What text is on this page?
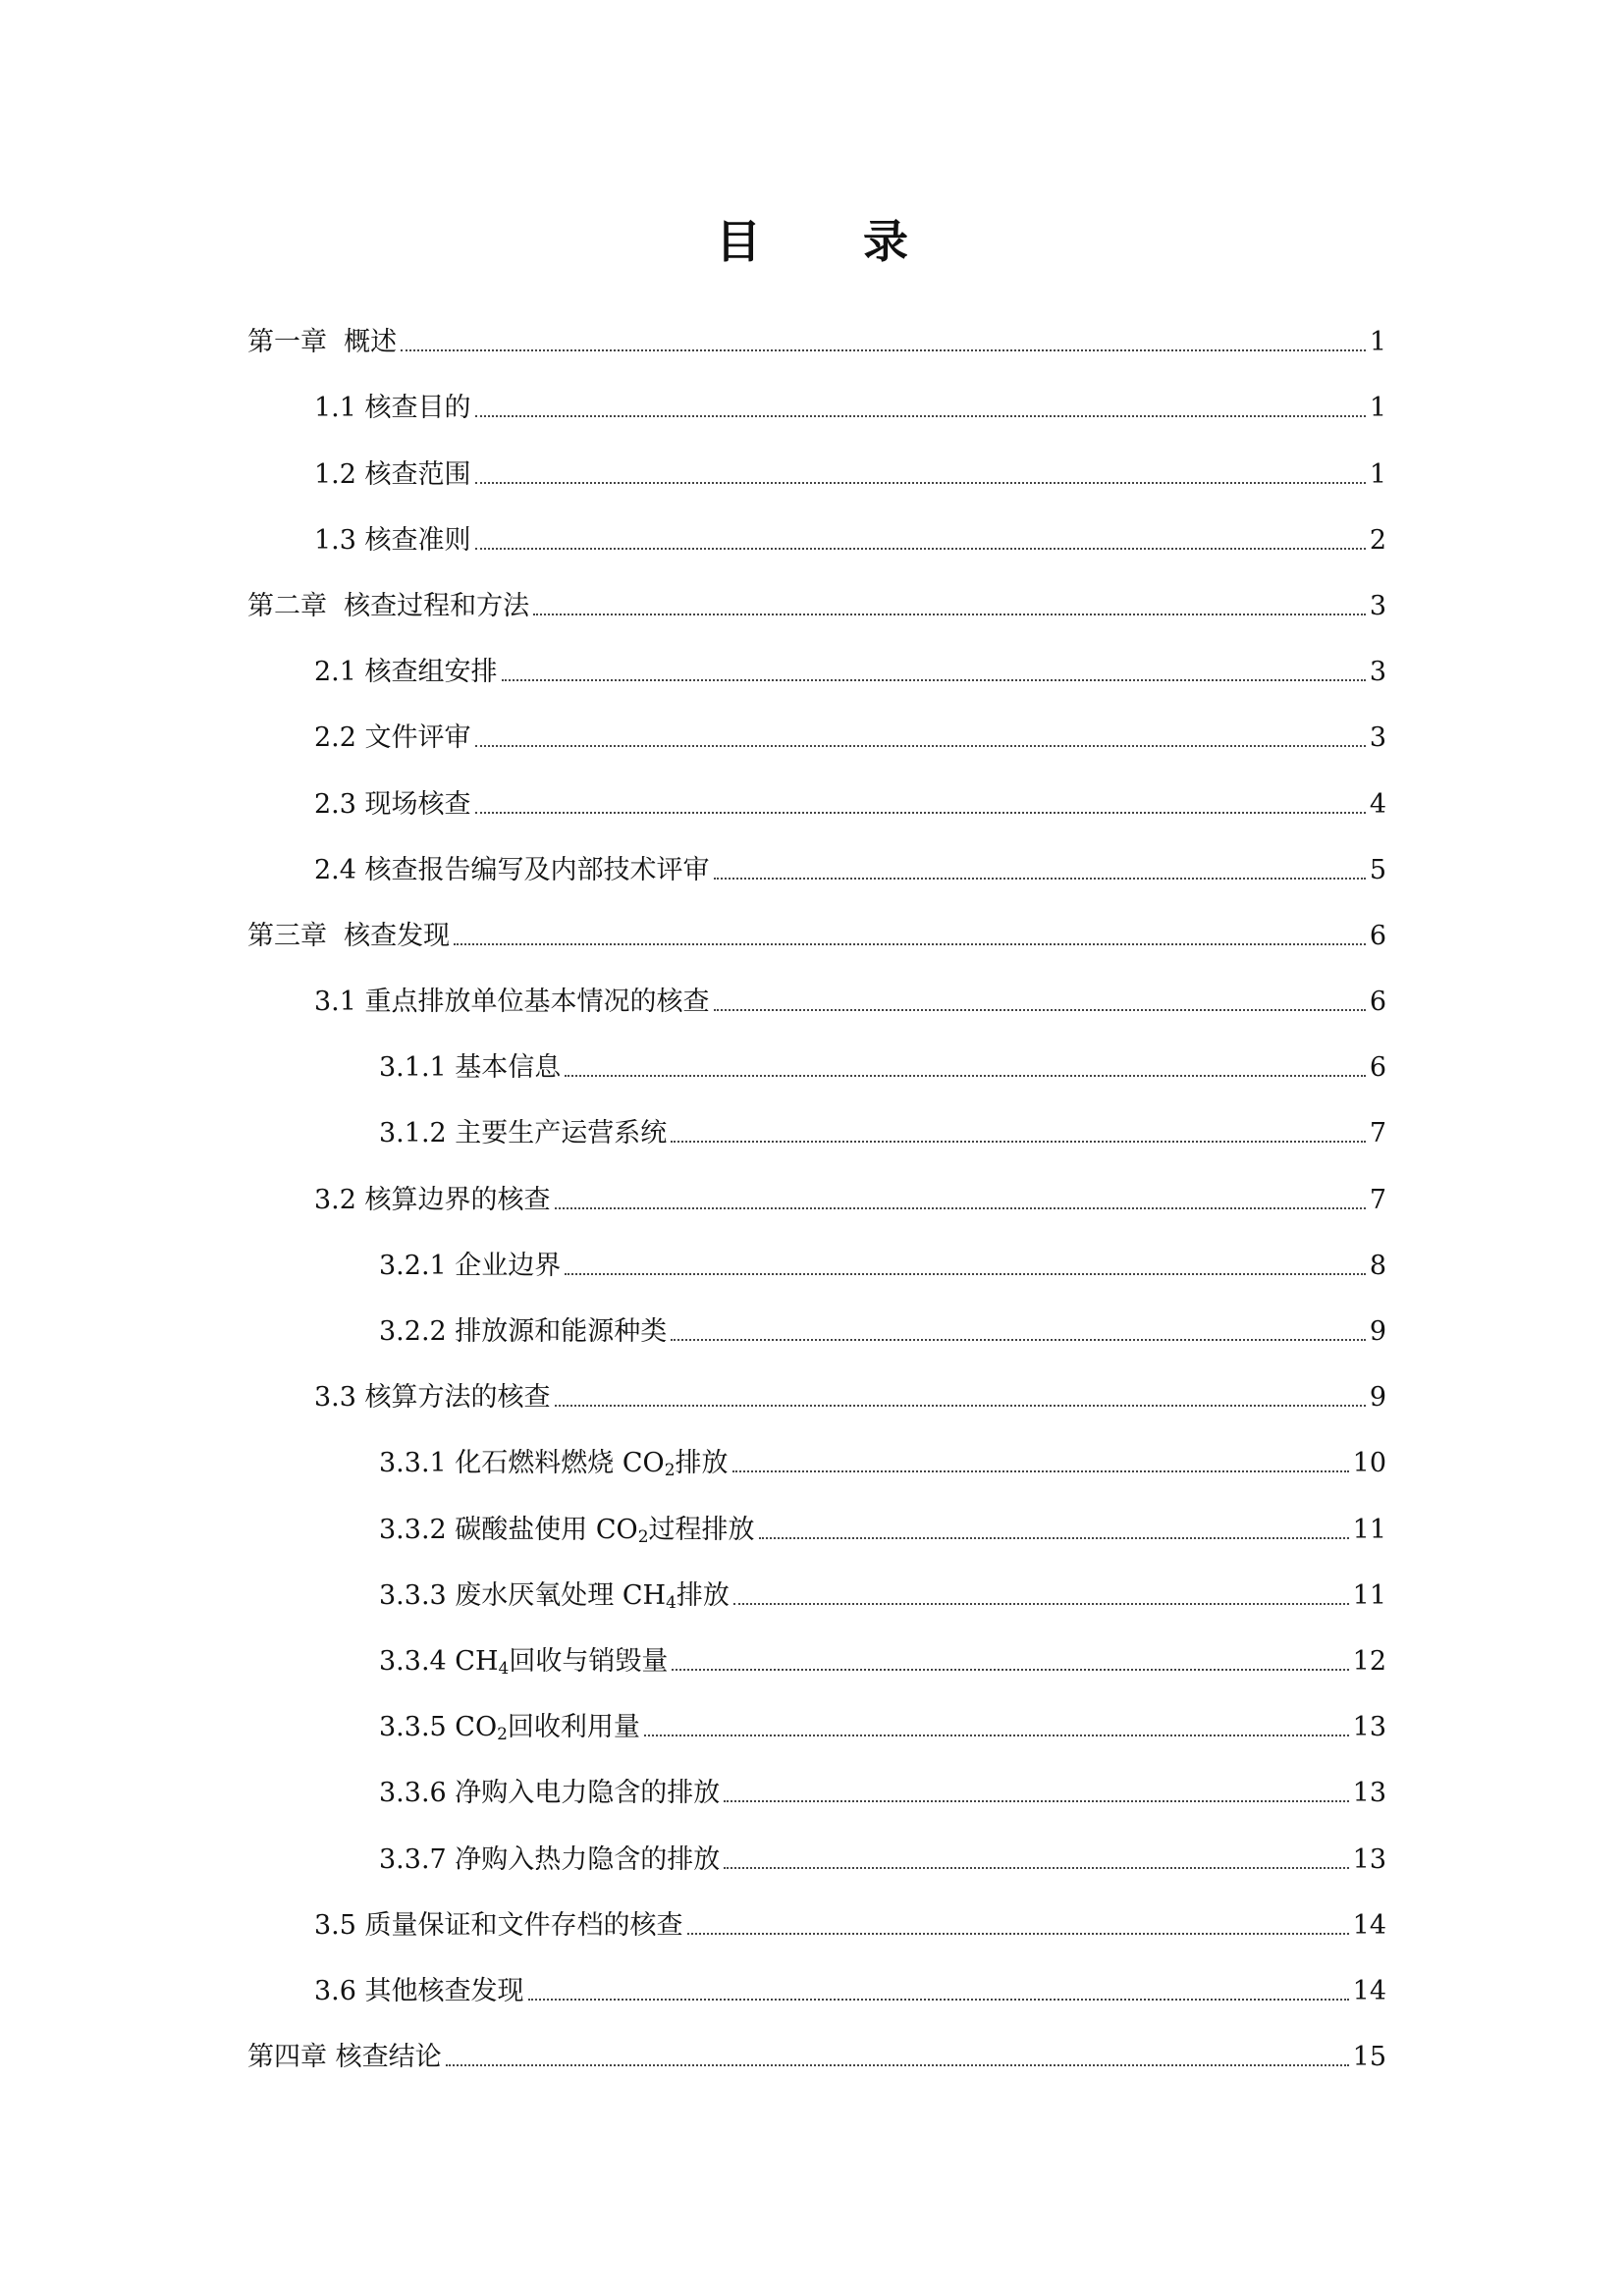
目 录
第一章 概述	1
1.1 核查目的	1
1.2 核查范围	1
1.3 核查准则	2
第二章 核查过程和方法	3
2.1 核查组安排	3
2.2 文件评审	3
2.3 现场核查	4
2.4 核查报告编写及内部技术评审	5
第三章 核查发现	6
3.1 重点排放单位基本情况的核查	6
3.1.1 基本信息	6
3.1.2 主要生产运营系统	7
3.2 核算边界的核查	7
3.2.1 企业边界	8
3.2.2 排放源和能源种类	9
3.3 核算方法的核查	9
3.3.1 化石燃料燃烧 $CO_2$排放	10
3.3.2 碳酸盐使用 $CO_2$过程排放	11
3.3.3 废水厌氧处理 $CH_4$排放	11
3.3.4 $CH_4$回收与销毁量	12
3.3.5 $CO_2$回收利用量	13
3.3.6 净购入电力隐含的排放	13
3.3.7 净购入热力隐含的排放	13
3.5 质量保证和文件存档的核查	14
3.6 其他核查发现	14
第四章 核查结论	15
